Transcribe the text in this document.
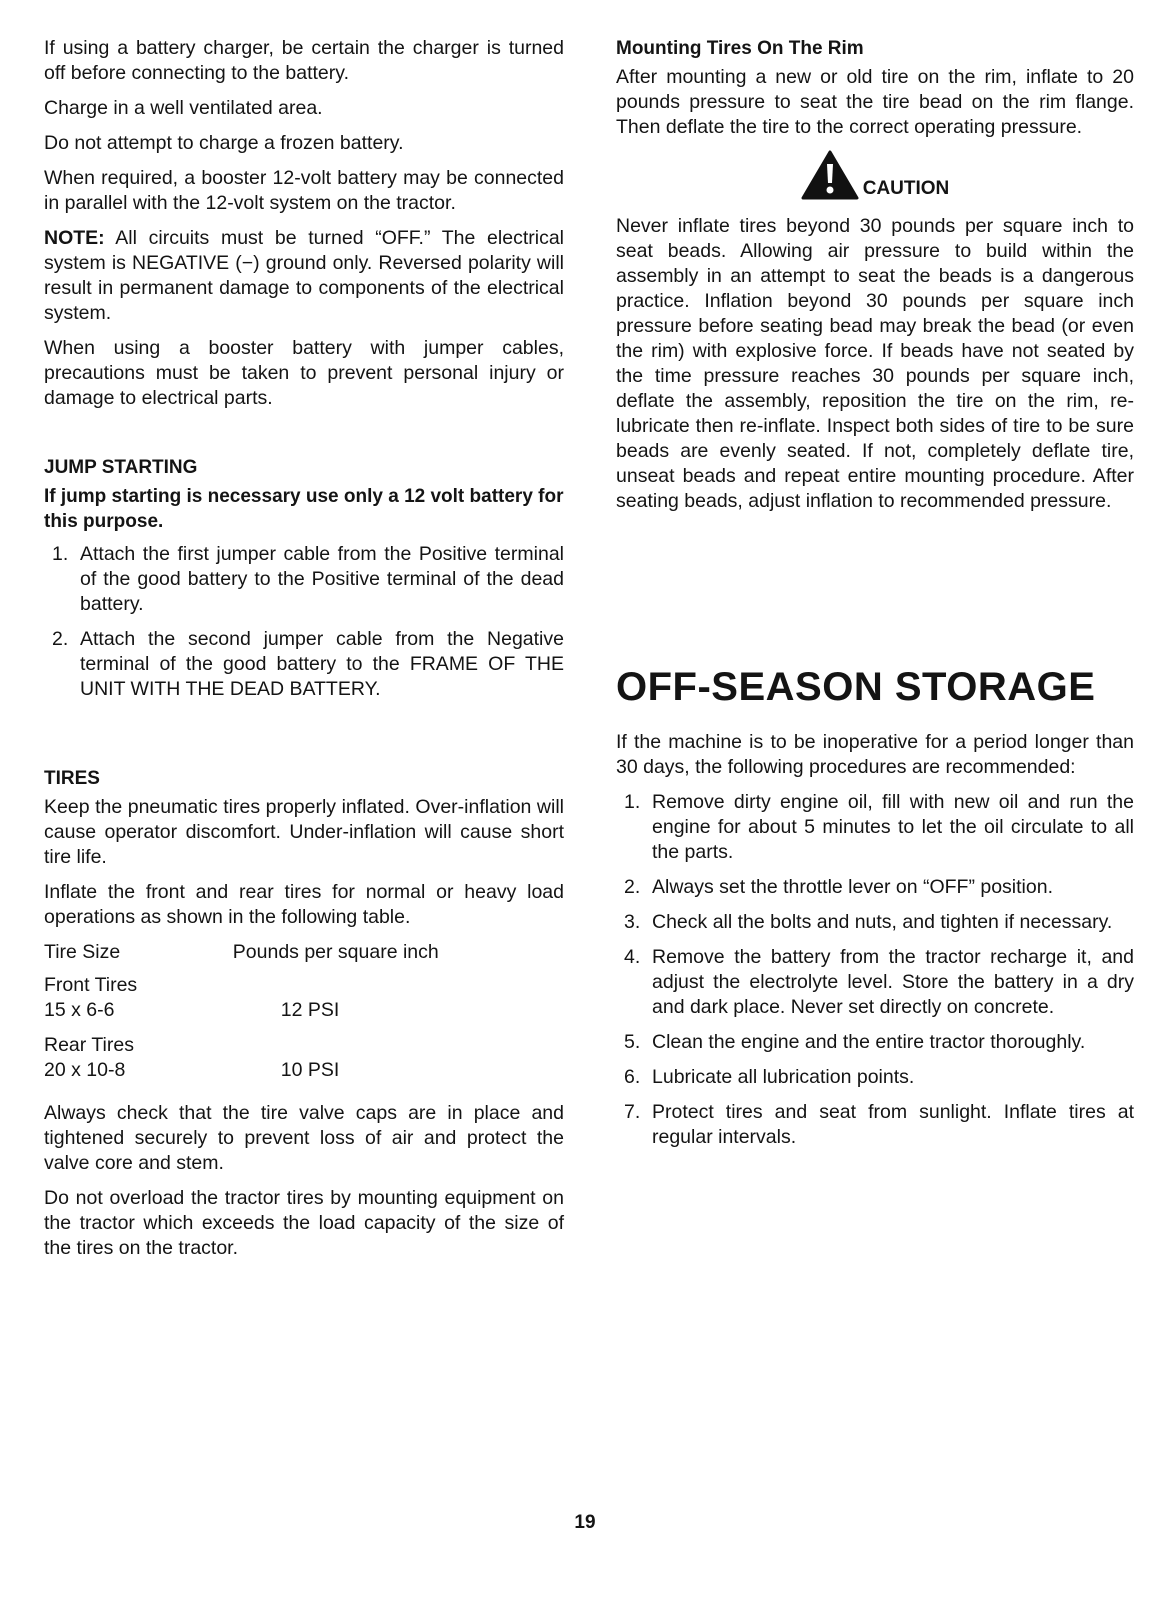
If using a battery charger, be certain the charger is turned off before connecting to the battery.

Charge in a well ventilated area.

Do not attempt to charge a frozen battery.

When required, a booster 12-volt battery may be connected in parallel with the 12-volt system on the tractor.

NOTE: All circuits must be turned “OFF.” The electrical system is NEGATIVE (−) ground only. Reversed polarity will result in permanent damage to components of the electrical system.

When using a booster battery with jumper cables, precautions must be taken to prevent personal injury or damage to electrical parts.

JUMP STARTING
If jump starting is necessary use only a 12 volt battery for this purpose.
1. Attach the first jumper cable from the Positive terminal of the good battery to the Positive terminal of the dead battery.
2. Attach the second jumper cable from the Negative terminal of the good battery to the FRAME OF THE UNIT WITH THE DEAD BATTERY.
TIRES

Keep the pneumatic tires properly inflated. Over-inflation will cause operator discomfort. Under-inflation will cause short tire life.

Inflate the front and rear tires for normal or heavy load operations as shown in the following table.

Tire Size	Pounds per square inch
Front Tires	
15 x 6-6	12 PSI
Rear Tires	
20 x 10-8	10 PSI

Always check that the tire valve caps are in place and tightened securely to prevent loss of air and protect the valve core and stem.

Do not overload the tractor tires by mounting equipment on the tractor which exceeds the load capacity of the size of the tires on the tractor.

Mounting Tires On The Rim

After mounting a new or old tire on the rim, inflate to 20 pounds pressure to seat the tire bead on the rim flange. Then deflate the tire to the correct operating pressure.

CAUTION

Never inflate tires beyond 30 pounds per square inch to seat beads. Allowing air pressure to build within the assembly in an attempt to seat the beads is a dangerous practice. Inflation beyond 30 pounds per square inch pressure before seating bead may break the bead (or even the rim) with explosive force. If beads have not seated by the time pressure reaches 30 pounds per square inch, deflate the assembly, reposition the tire on the rim, re-lubricate then re-inflate. Inspect both sides of tire to be sure beads are evenly seated. If not, completely deflate tire, unseat beads and repeat entire mounting procedure. After seating beads, adjust inflation to recommended pressure.

OFF-SEASON STORAGE

If the machine is to be inoperative for a period longer than 30 days, the following procedures are recommended:

1. Remove dirty engine oil, fill with new oil and run the engine for about 5 minutes to let the oil circulate to all the parts.
2. Always set the throttle lever on “OFF” position.
3. Check all the bolts and nuts, and tighten if necessary.
4. Remove the battery from the tractor recharge it, and adjust the electrolyte level. Store the battery in a dry and dark place. Never set directly on concrete.
5. Clean the engine and the entire tractor thoroughly.
6. Lubricate all lubrication points.
7. Protect tires and seat from sunlight. Inflate tires at regular intervals.
19
